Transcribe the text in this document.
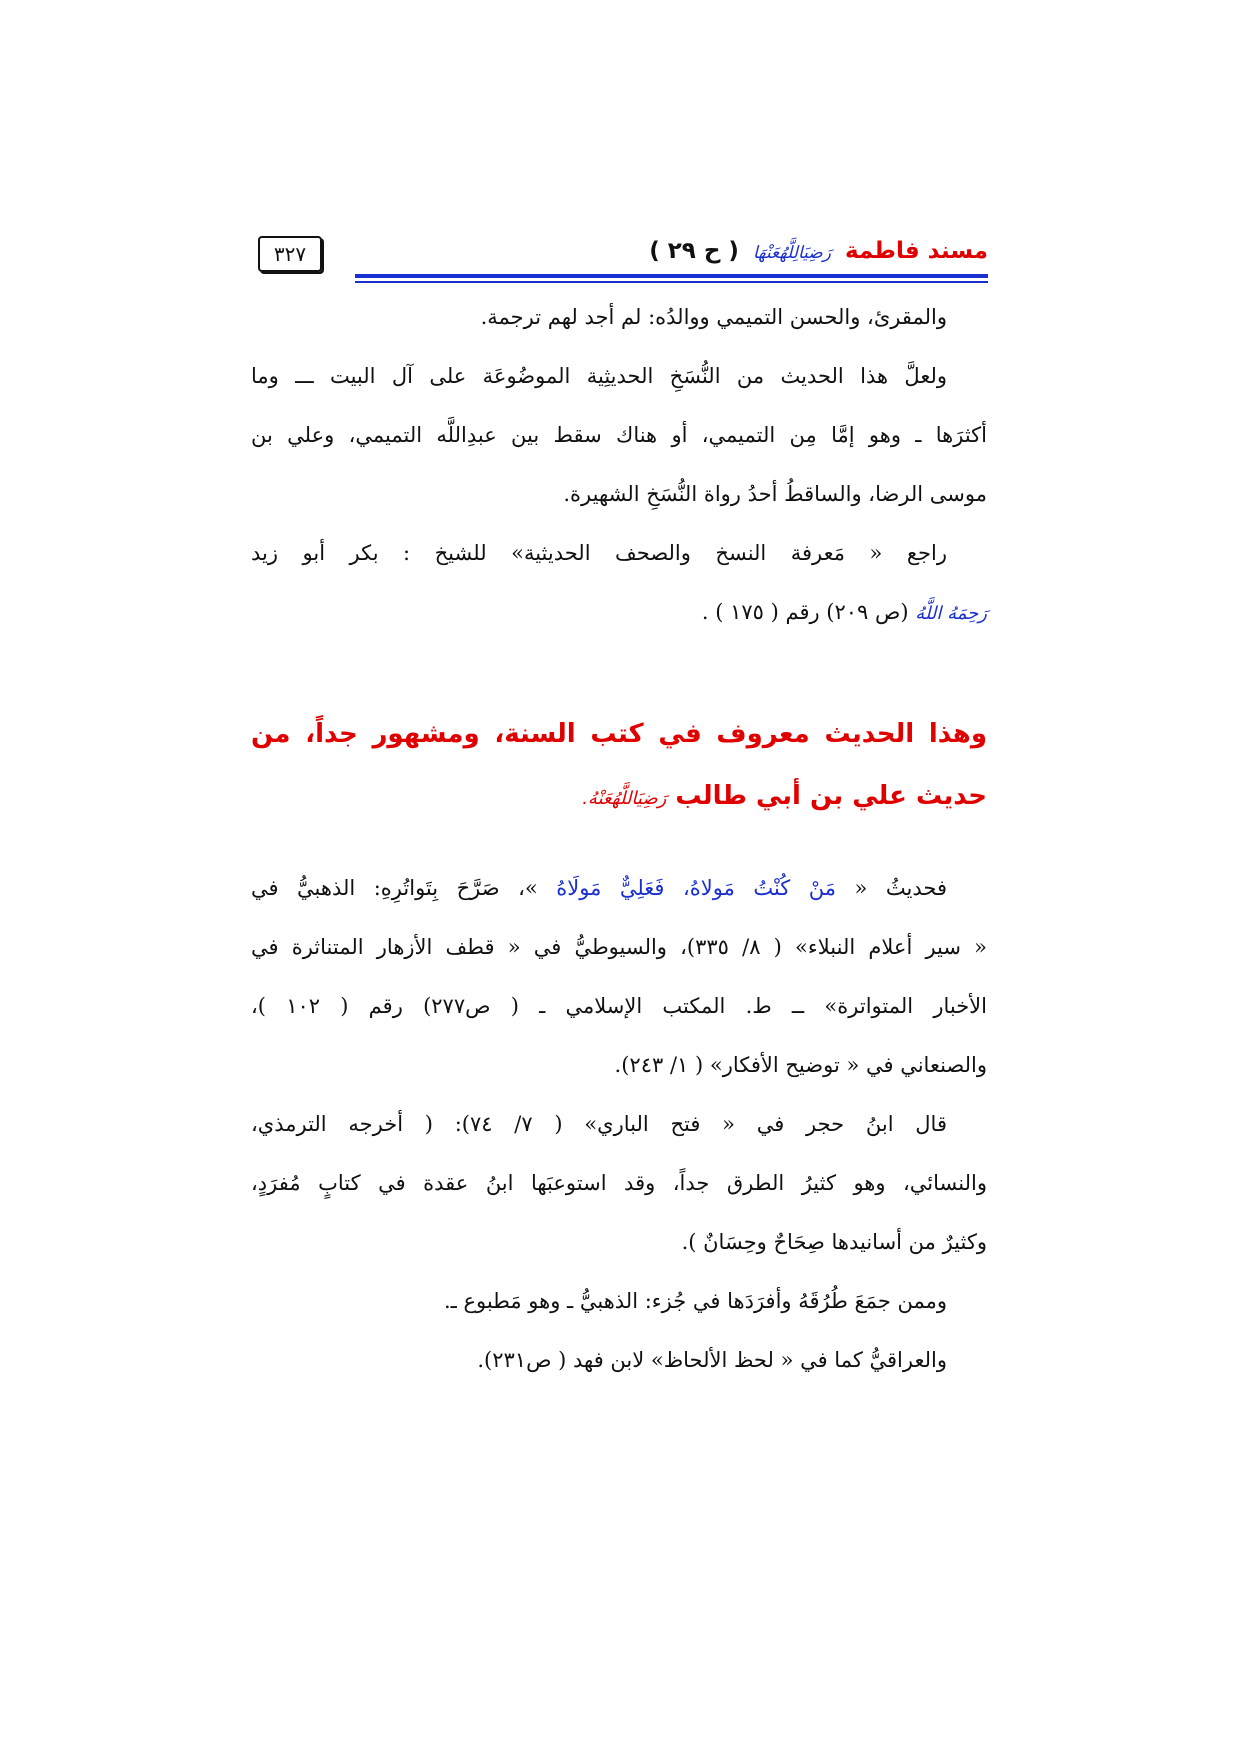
مسند فاطمة رَضِيَالِلَّهُعَنْهَا ( ح ٢٩ )
٣٢٧
والمقرئ، والحسن التميمي ووالدُه: لم أجد لهم ترجمة.
ولعلَّ هذا الحديث من النُّسَخِ الحديثِية الموضُوعَة على آل البيت ـــ وما
أكثرَها ـ وهو إمَّا مِن التميمي، أو هناك سقط بين عبدِاللَّه التميمي، وعلي بن
موسى الرضا، والساقطُ أحدُ رواة النُّسَخِ الشهيرة.
راجع « مَعرفة النسخ والصحف الحديثية» للشيخ : بكر أبو زيد
رَحِمَهُ اللَّهُ (ص ٢٠٩) رقم ( ١٧٥ ) .
وهذا الحديث معروف في كتب السنة، ومشهور جداً، من
حديث علي بن أبي طالب رَضِيَاللَّهُعَنْهُ.
فحديثُ « مَنْ كُنْتُ مَولاهُ، فَعَلِيٌّ مَولَاهُ »، صَرَّحَ بِتَواتُرِهِ: الذهبيُّ في
« سير أعلام النبلاء» ( ٨/ ٣٣٥)، والسيوطيُّ في « قطف الأزهار المتناثرة في
الأخبار المتواترة» ــ ط. المكتب الإسلامي ـ ( ص٢٧٧) رقم ( ١٠٢ )،
والصنعاني في « توضيح الأفكار» ( ١/ ٢٤٣).
قال ابنُ حجر في « فتح الباري» ( ٧/ ٧٤): ( أخرجه الترمذي،
والنسائي، وهو كثيرُ الطرق جداً، وقد استوعبَها ابنُ عقدة في كتابٍ مُفرَدٍ،
وكثيرٌ من أسانيدها صِحَاحٌ وحِسَانٌ ).
وممن جمَعَ طُرُقَهُ وأفرَدَها في جُزء: الذهبيُّ ـ وهو مَطبوع ـ.
والعراقيُّ كما في « لحظ الألحاظ» لابن فهد ( ص٢٣١).
